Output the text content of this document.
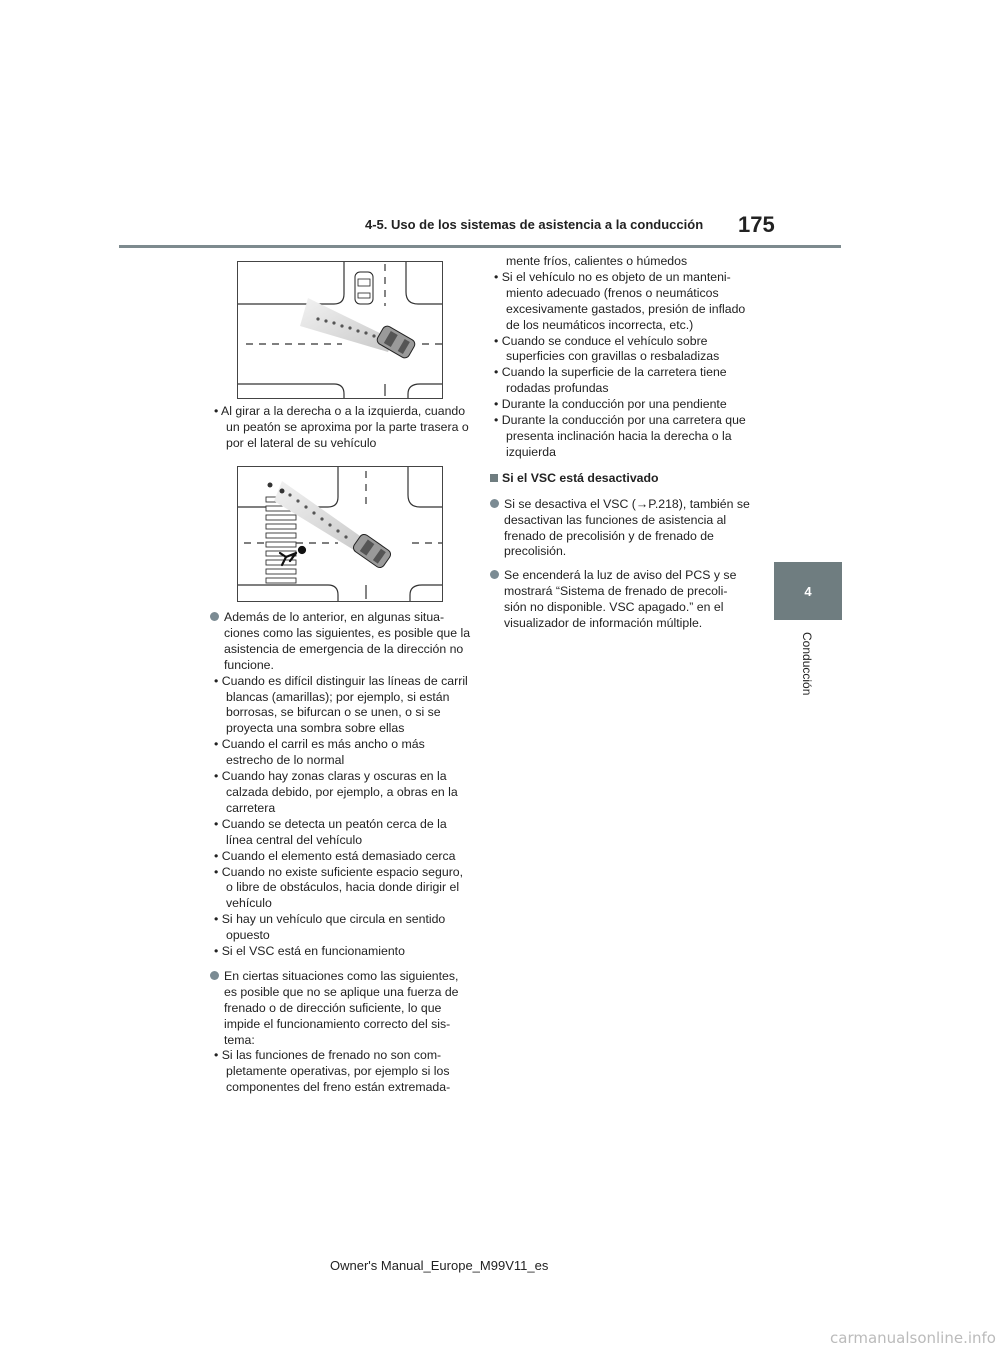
4-5. Uso de los sistemas de asistencia a la conducción 175
4
Conducción

• Al girar a la derecha o a la izquierda, cuando un peatón se aproxima por la parte trasera o por el lateral de su vehículo

Además de lo anterior, en algunas situa- ciones como las siguientes, es posible que la asistencia de emergencia de la dirección no funcione.

• Cuando es difícil distinguir las líneas de carril blancas (amarillas); por ejemplo, si están borrosas, se bifurcan o se unen, o si se proyecta una sombra sobre ellas

• Cuando el carril es más ancho o más estrecho de lo normal

• Cuando hay zonas claras y oscuras en la calzada debido, por ejemplo, a obras en la carretera

• Cuando se detecta un peatón cerca de la línea central del vehículo

• Cuando el elemento está demasiado cerca

• Cuando no existe suficiente espacio seguro, o libre de obstáculos, hacia donde dirigir el vehículo

• Si hay un vehículo que circula en sentido opuesto

• Si el VSC está en funcionamiento

En ciertas situaciones como las siguientes, es posible que no se aplique una fuerza de frenado o de dirección suficiente, lo que impide el funcionamiento correcto del sis- tema:

• Si las funciones de frenado no son com- pletamente operativas, por ejemplo si los componentes del freno están extremada-

mente fríos, calientes o húmedos

• Si el vehículo no es objeto de un manteni- miento adecuado (frenos o neumáticos excesivamente gastados, presión de inflado de los neumáticos incorrecta, etc.)

• Cuando se conduce el vehículo sobre superficies con gravillas o resbaladizas

• Cuando la superficie de la carretera tiene rodadas profundas

• Durante la conducción por una pendiente

• Durante la conducción por una carretera que presenta inclinación hacia la derecha o la izquierda

Si el VSC está desactivado

Si se desactiva el VSC (→P.218), también se desactivan las funciones de asistencia al frenado de precolisión y de frenado de precolisión.

Se encenderá la luz de aviso del PCS y se mostrará “Sistema de frenado de precoli- sión no disponible. VSC apagado.” en el visualizador de información múltiple.

Owner's Manual_Europe_M99V11_es
carmanualsonline.info
